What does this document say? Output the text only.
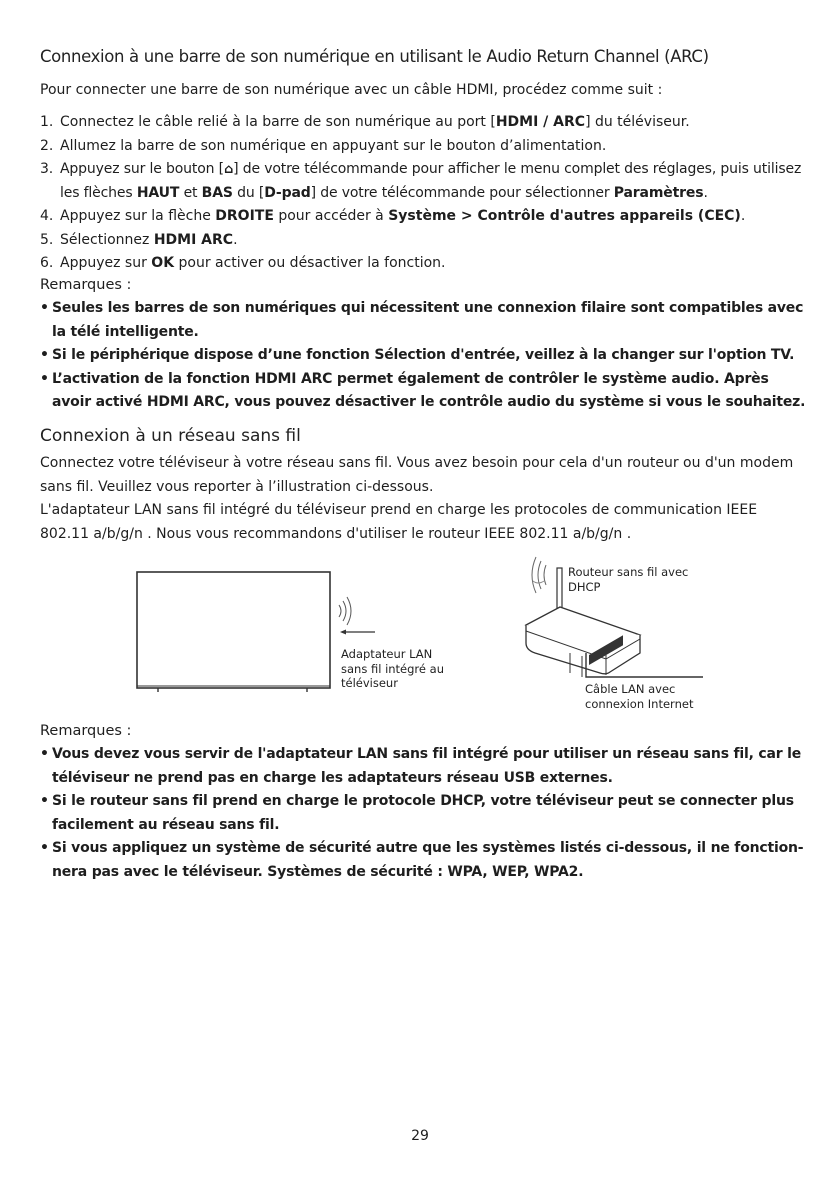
Connexion à une barre de son numérique en utilisant le Audio Return Channel (ARC)

Pour connecter une barre de son numérique avec un câble HDMI, procédez comme suit :

1. Connectez le câble relié à la barre de son numérique au port [HDMI / ARC] du téléviseur.
2. Allumez la barre de son numérique en appuyant sur le bouton d’alimentation.
3. Appuyez sur le bouton [⌂] de votre télécommande pour afficher le menu complet des réglages, puis utilisez les flèches HAUT et BAS du [D-pad] de votre télécommande pour sélectionner Paramètres.
4. Appuyez sur la flèche DROITE pour accéder à Système > Contrôle d'autres appareils (CEC).
5. Sélectionnez HDMI ARC.
6. Appuyez sur OK pour activer ou désactiver la fonction.
Remarques :
• Seules les barres de son numériques qui nécessitent une connexion filaire sont compatibles avec la télé intelligente.
• Si le périphérique dispose d’une fonction Sélection d'entrée, veillez à la changer sur l'option TV.
• L’activation de la fonction HDMI ARC permet également de contrôler le système audio. Après avoir activé HDMI ARC, vous pouvez désactiver le contrôle audio du système si vous le souhaitez.
Connexion à un réseau sans fil

Connectez votre téléviseur à votre réseau sans fil. Vous avez besoin pour cela d'un routeur ou d'un modem sans fil. Veuillez vous reporter à l’illustration ci-dessous.

L'adaptateur LAN sans fil intégré du téléviseur prend en charge les protocoles de communication IEEE 802.11 a/b/g/n . Nous vous recommandons d'utiliser le routeur IEEE 802.11 a/b/g/n .

Adaptateur LAN
sans fil intégré au
téléviseur
Routeur sans fil avec
DHCP
Câble LAN avec
connexion Internet
Remarques :
• Vous devez vous servir de l'adaptateur LAN sans fil intégré pour utiliser un réseau sans fil, car le téléviseur ne prend pas en charge les adaptateurs réseau USB externes.
• Si le routeur sans fil prend en charge le protocole DHCP, votre téléviseur peut se connecter plus facilement au réseau sans fil.
• Si vous appliquez un système de sécurité autre que les systèmes listés ci-dessous, il ne fonction-nera pas avec le téléviseur. Systèmes de sécurité : WPA, WEP, WPA2.
29
